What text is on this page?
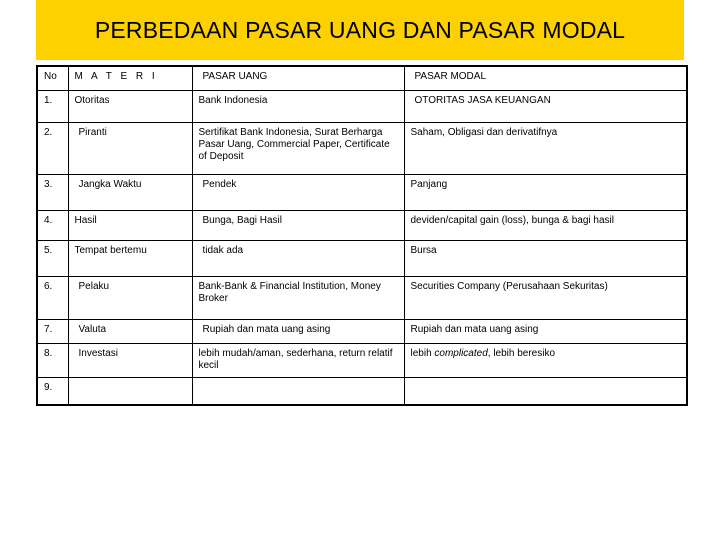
PERBEDAAN PASAR UANG DAN PASAR MODAL
No	M A T E R I	PASAR UANG	PASAR MODAL
1.	Otoritas	Bank Indonesia	OTORITAS JASA KEUANGAN
2.	Piranti	Sertifikat Bank Indonesia, Surat Berharga Pasar Uang, Commercial Paper, Certificate of Deposit	Saham, Obligasi dan derivatifnya
3.	Jangka Waktu	Pendek	Panjang
4.	Hasil	Bunga, Bagi Hasil	deviden/capital gain (loss), bunga & bagi hasil
5.	Tempat bertemu	tidak ada	Bursa
6.	Pelaku	Bank-Bank & Financial Institution, Money Broker	Securities Company (Perusahaan Sekuritas)
7.	Valuta	Rupiah dan mata uang asing	Rupiah dan mata uang asing
8.	Investasi	lebih mudah/aman, sederhana, return relatif kecil	lebih complicated, lebih beresiko
9.			
